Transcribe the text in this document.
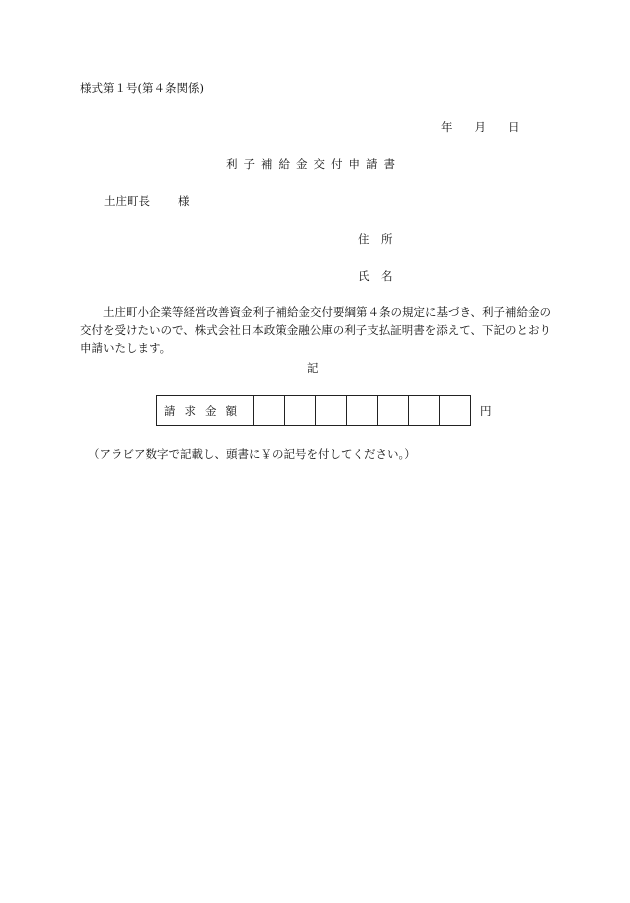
様式第１号(第４条関係)
年 月 日
利子補給金交付申請書
土庄町長 様
住　所
氏　名
土庄町小企業等経営改善資金利子補給金交付要綱第４条の規定に基づき、利子補給金の交付を受けたいので、株式会社日本政策金融公庫の利子支払証明書を添えて、下記のとおり申請いたします。
記
請求金額								円
（アラビア数字で記載し、頭書に￥の記号を付してください。）
